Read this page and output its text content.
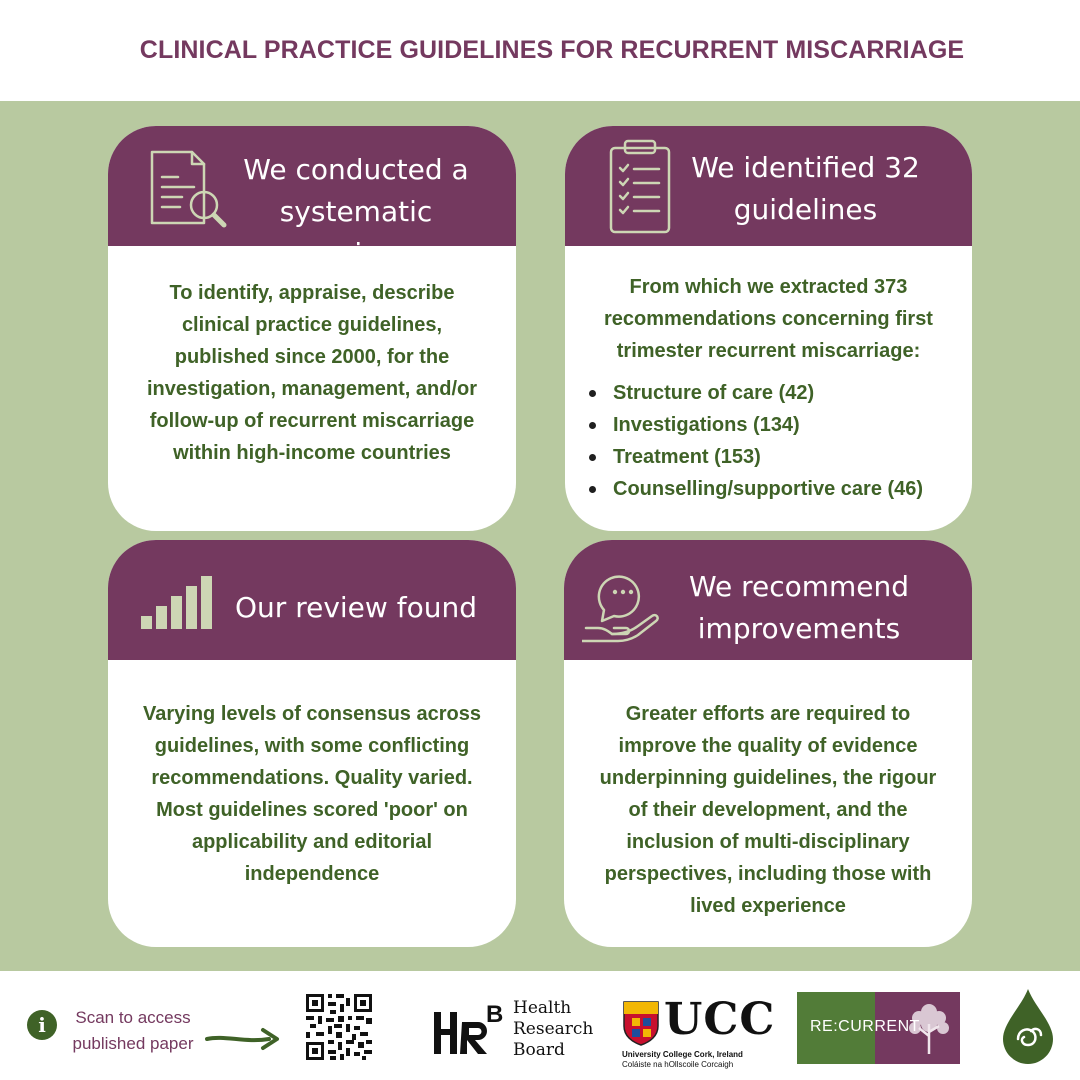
CLINICAL PRACTICE GUIDELINES FOR RECURRENT MISCARRIAGE
We conducted a
systematic review
To identify, appraise, describe
clinical practice guidelines,
published since 2000, for the
investigation, management, and/or
follow-up of recurrent miscarriage
within high-income countries
We identified 32
guidelines
From which we extracted 373
recommendations concerning first
trimester recurrent miscarriage:
Structure of care (42)
Investigations (134)
Treatment (153)
Counselling/supportive care (46)
Our review found
Varying levels of consensus across
guidelines, with some conflicting
recommendations. Quality varied.
Most guidelines scored 'poor' on
applicability and editorial
independence
We recommend
improvements
Greater efforts are required to
improve the quality of evidence
underpinning guidelines, the rigour
of their development, and the
inclusion of multi-disciplinary
perspectives, including those with
lived experience
i	Scan to access
published paper
B Health
Research
Board
UCC
University College Cork, Ireland
Coláiste na hOllscoile Corcaigh
RE:CURRENT
